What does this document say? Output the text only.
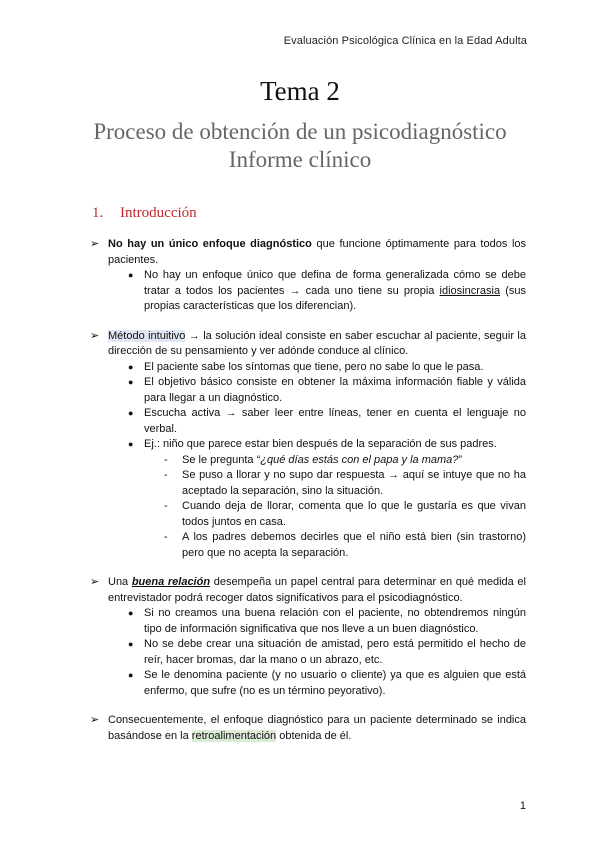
Evaluación Psicológica Clínica en la Edad Adulta
Tema 2
Proceso de obtención de un psicodiagnóstico
Informe clínico
1. Introducción
➢ No hay un único enfoque diagnóstico que funcione óptimamente para todos los pacientes.
● No hay un enfoque único que defina de forma generalizada cómo se debe tratar a todos los pacientes → cada uno tiene su propia idiosincrasia (sus propias características que los diferencian).
➢ Método intuitivo → la solución ideal consiste en saber escuchar al paciente, seguir la dirección de su pensamiento y ver adónde conduce al clínico.
● El paciente sabe los síntomas que tiene, pero no sabe lo que le pasa.
● El objetivo básico consiste en obtener la máxima información fiable y válida para llegar a un diagnóstico.
● Escucha activa → saber leer entre líneas, tener en cuenta el lenguaje no verbal.
● Ej.: niño que parece estar bien después de la separación de sus padres.
- Se le pregunta “¿qué días estás con el papa y la mama?”
- Se puso a llorar y no supo dar respuesta → aquí se intuye que no ha aceptado la separación, sino la situación.
- Cuando deja de llorar, comenta que lo que le gustaría es que vivan todos juntos en casa.
- A los padres debemos decirles que el niño está bien (sin trastorno) pero que no acepta la separación.
➢ Una buena relación desempeña un papel central para determinar en qué medida el entrevistador podrá recoger datos significativos para el psicodiagnóstico.
● Si no creamos una buena relación con el paciente, no obtendremos ningún tipo de información significativa que nos lleve a un buen diagnóstico.
● No se debe crear una situación de amistad, pero está permitido el hecho de reír, hacer bromas, dar la mano o un abrazo, etc.
● Se le denomina paciente (y no usuario o cliente) ya que es alguien que está enfermo, que sufre (no es un término peyorativo).
➢ Consecuentemente, el enfoque diagnóstico para un paciente determinado se indica basándose en la retroalimentación obtenida de él.
1
